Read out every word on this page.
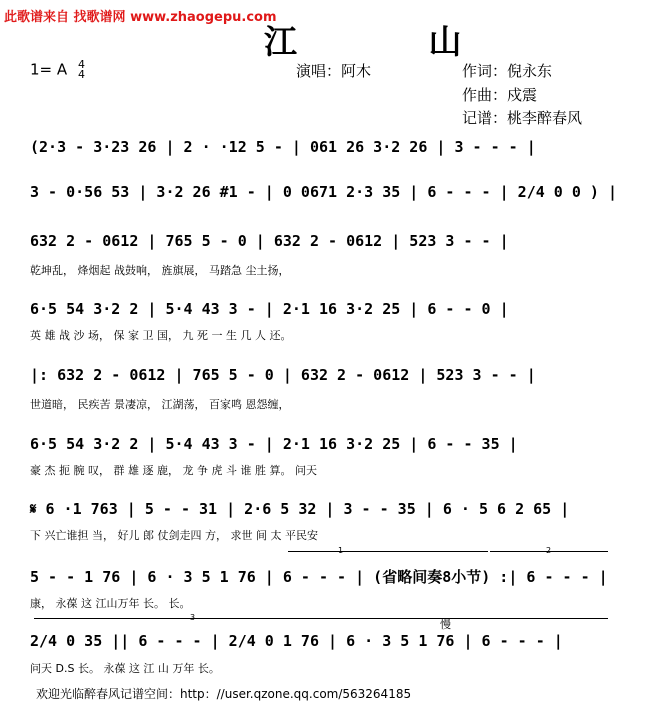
此歌谱来自 找歌谱网 www.zhaogepu.com
江 山
1= A 4
4	演唱：阿木	作词：倪永东
作曲：戍震
记谱：桃李醉春风
(2·3 - 3·23 26 | 2 · ·12 5 - | 061 26 3·2 26 | 3 - - - |
3 - 0·56 53 | 3·2 26 #1 - | 0 0671 2·3 35 | 6 - - - | 2/4 0 0 ) |
632 2 - 0612 | 765 5 - 0 | 632 2 - 0612 | 523 3 - - |
乾坤乱， 烽烟起 战鼓响， 旌旗展， 马踏急 尘土扬，
6·5 54 3·2 2 | 5·4 43 3 - | 2·1 16 3·2 25 | 6 - - 0 |
英 雄 战 沙 场， 保 家 卫 国， 九 死 一 生 几 人 还。
|: 632 2 - 0612 | 765 5 - 0 | 632 2 - 0612 | 523 3 - - |
世道暗， 民疾苦 景凄凉， 江湖荡， 百家鸣 恩怨缠，
6·5 54 3·2 2 | 5·4 43 3 - | 2·1 16 3·2 25 | 6 - - 35 |
豪 杰 扼 腕 叹， 群 雄 逐 鹿， 龙 争 虎 斗 谁 胜 算。 问天
𝄋 6 ·1 763 | 5 - - 31 | 2·6 5 32 | 3 - - 35 | 6 · 5 6 2 65 |
下 兴亡谁担 当， 好儿 郎 仗剑走四 方， 求世 间 太 平民安
1	2
5 - - 1 76 | 6 · 3 5 1 76 | 6 - - - | (省略间奏8小节) :| 6 - - - |
康， 永葆 这 江山万年 长。 长。
3
慢
2/4 0 35 || 6 - - - | 2/4 0 1 76 | 6 · 3 5 1 76 | 6 - - - |
问天 D.S 长。 永葆 这 江 山 万年 长。
欢迎光临醉春风记谱空间：http：//user.qzone.qq.com/563264185
